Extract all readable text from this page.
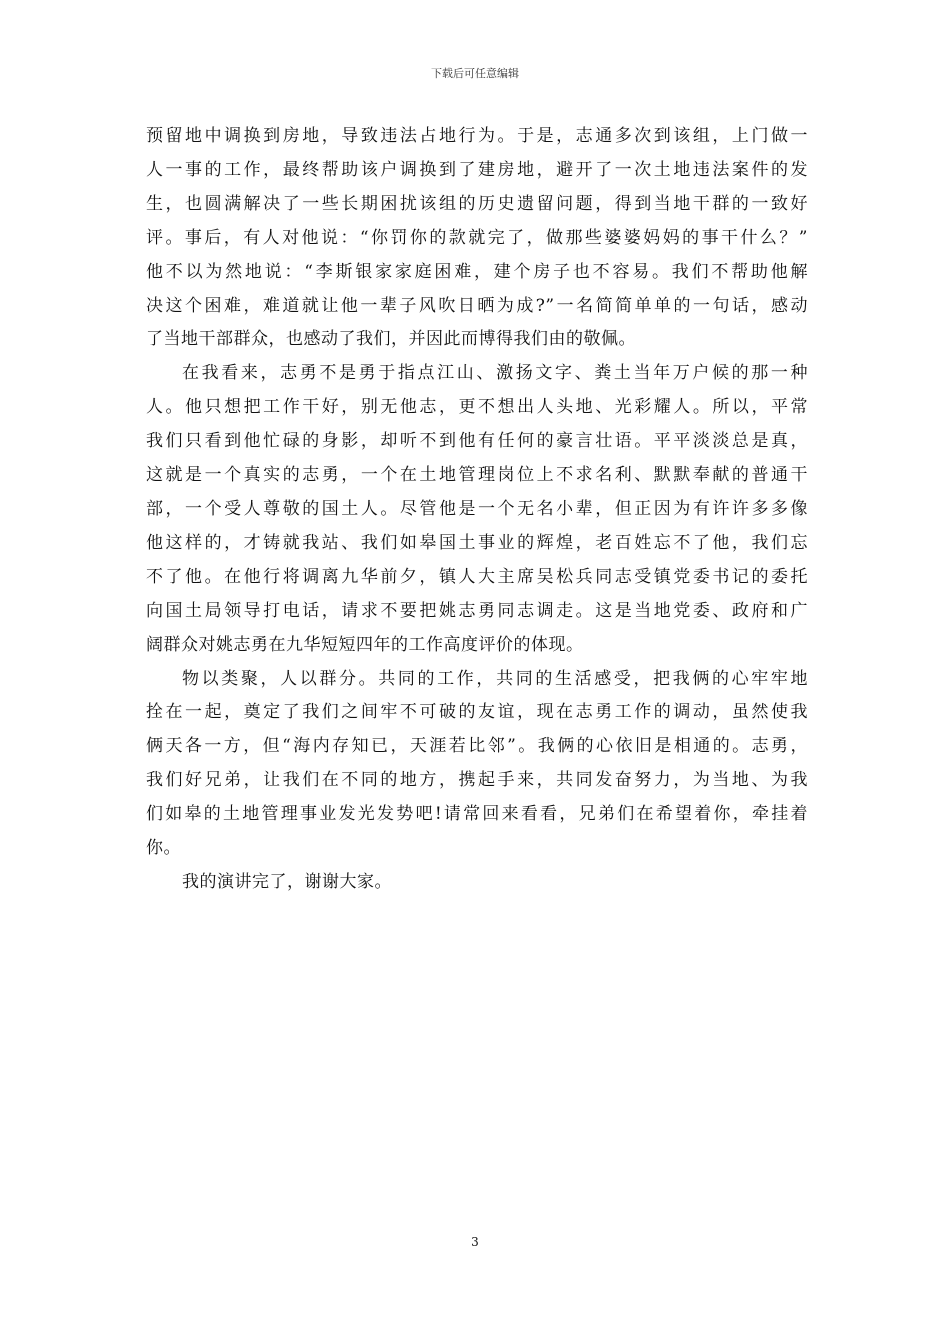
下载后可任意编辑

预留地中调换到房地，导致违法占地行为。于是，志通多次到该组，上门做一
人一事的工作，最终帮助该户调换到了建房地，避开了一次土地违法案件的发
生，也圆满解决了一些长期困扰该组的历史遗留问题，得到当地干群的一致好
评。事后，有人对他说：“你罚你的款就完了，做那些婆婆妈妈的事干什么？”
他不以为然地说：“李斯银家家庭困难，建个房子也不容易。我们不帮助他解
决这个困难，难道就让他一辈子风吹日晒为成?”一名简简单单的一句话，感动
了当地干部群众，也感动了我们，并因此而博得我们由的敬佩。

在我看来，志勇不是勇于指点江山、激扬文字、粪土当年万户候的那一种
人。他只想把工作干好，别无他志，更不想出人头地、光彩耀人。所以，平常
我们只看到他忙碌的身影，却听不到他有任何的豪言壮语。平平淡淡总是真，
这就是一个真实的志勇，一个在土地管理岗位上不求名利、默默奉献的普通干
部，一个受人尊敬的国土人。尽管他是一个无名小辈，但正因为有许许多多像
他这样的，才铸就我站、我们如皋国土事业的辉煌，老百姓忘不了他，我们忘
不了他。在他行将调离九华前夕，镇人大主席吴松兵同志受镇党委书记的委托
向国土局领导打电话，请求不要把姚志勇同志调走。这是当地党委、政府和广
阔群众对姚志勇在九华短短四年的工作高度评价的体现。

物以类聚，人以群分。共同的工作，共同的生活感受，把我俩的心牢牢地
拴在一起，奠定了我们之间牢不可破的友谊，现在志勇工作的调动，虽然使我
俩天各一方，但“海内存知已，天涯若比邻”。我俩的心依旧是相通的。志勇，
我们好兄弟，让我们在不同的地方，携起手来，共同发奋努力，为当地、为我
们如皋的土地管理事业发光发势吧!请常回来看看，兄弟们在希望着你，牵挂着
你。

我的演讲完了，谢谢大家。

3
